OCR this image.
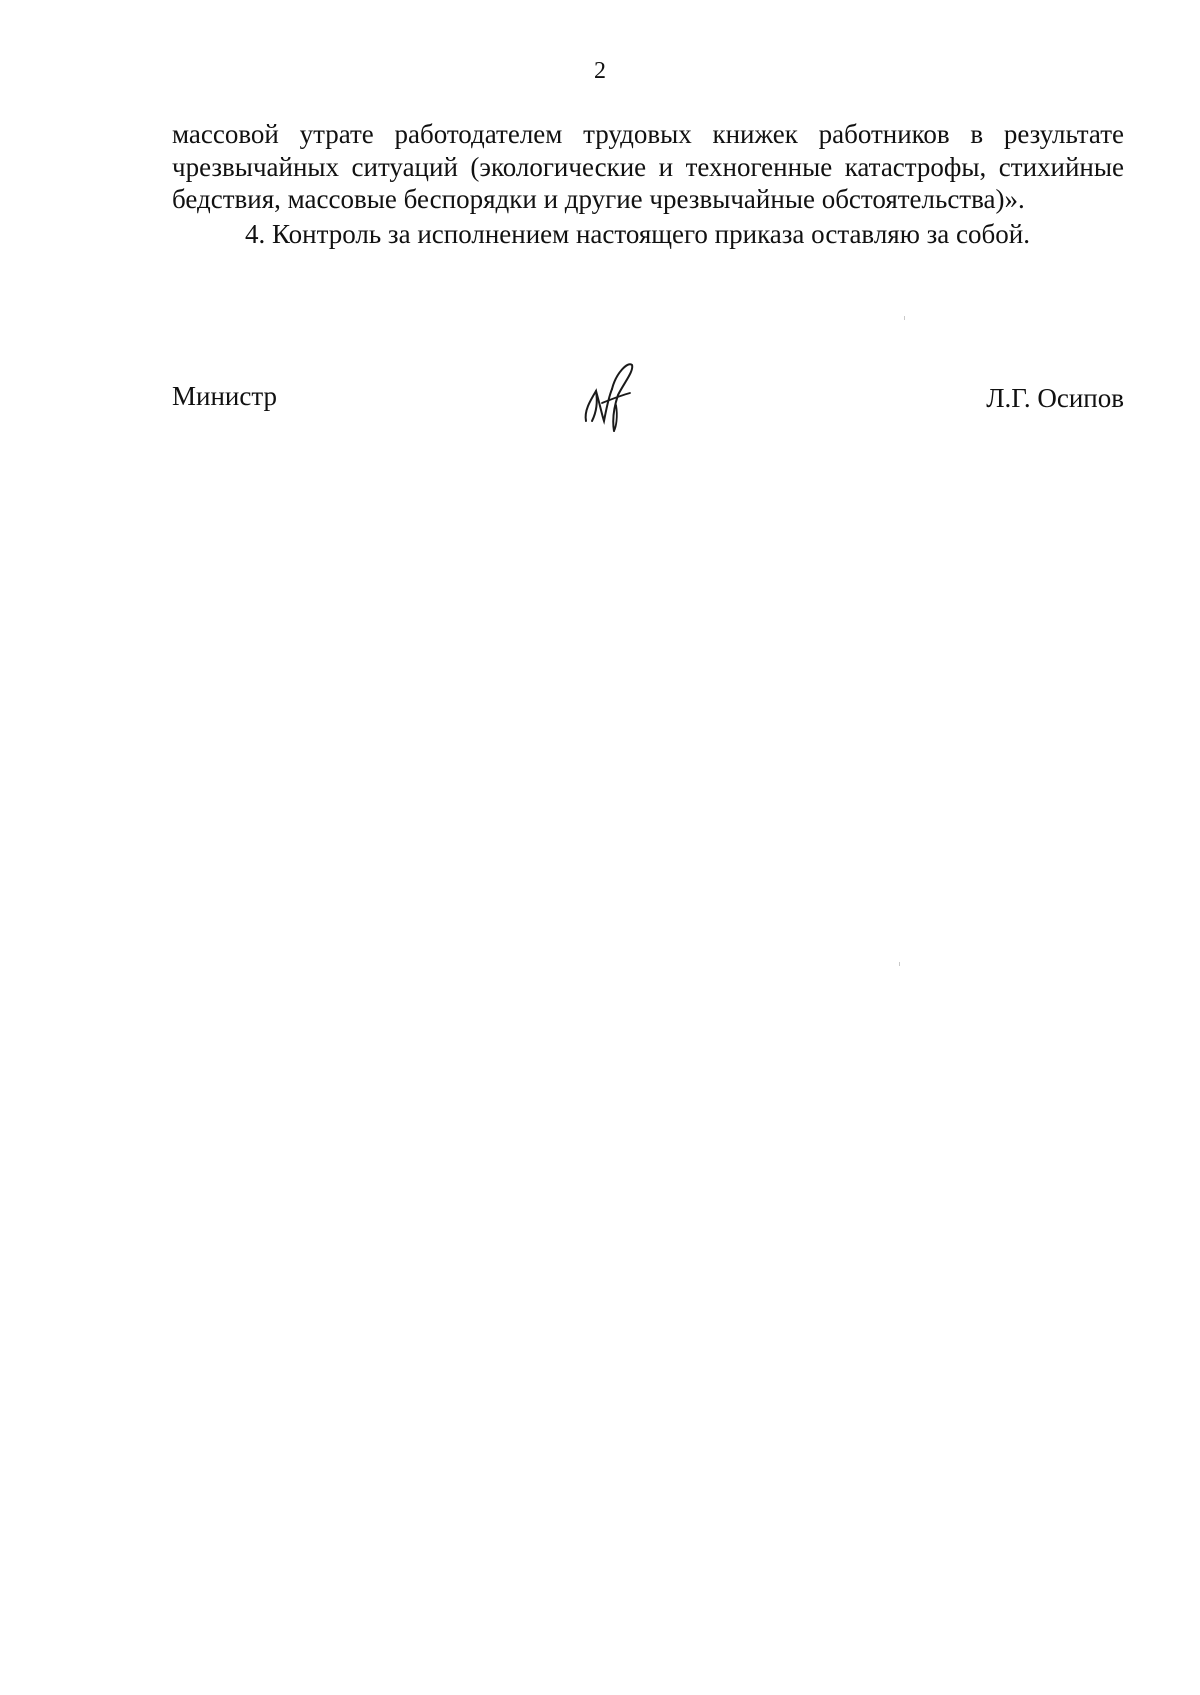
2

массовой утрате работодателем трудовых книжек работников в результате чрезвычайных ситуаций (экологические и техногенные катастрофы, стихийные бедствия, массовые беспорядки и другие чрезвычайные обстоятельства)».

4. Контроль за исполнением настоящего приказа оставляю за собой.

Министр	Л.Г. Осипов
